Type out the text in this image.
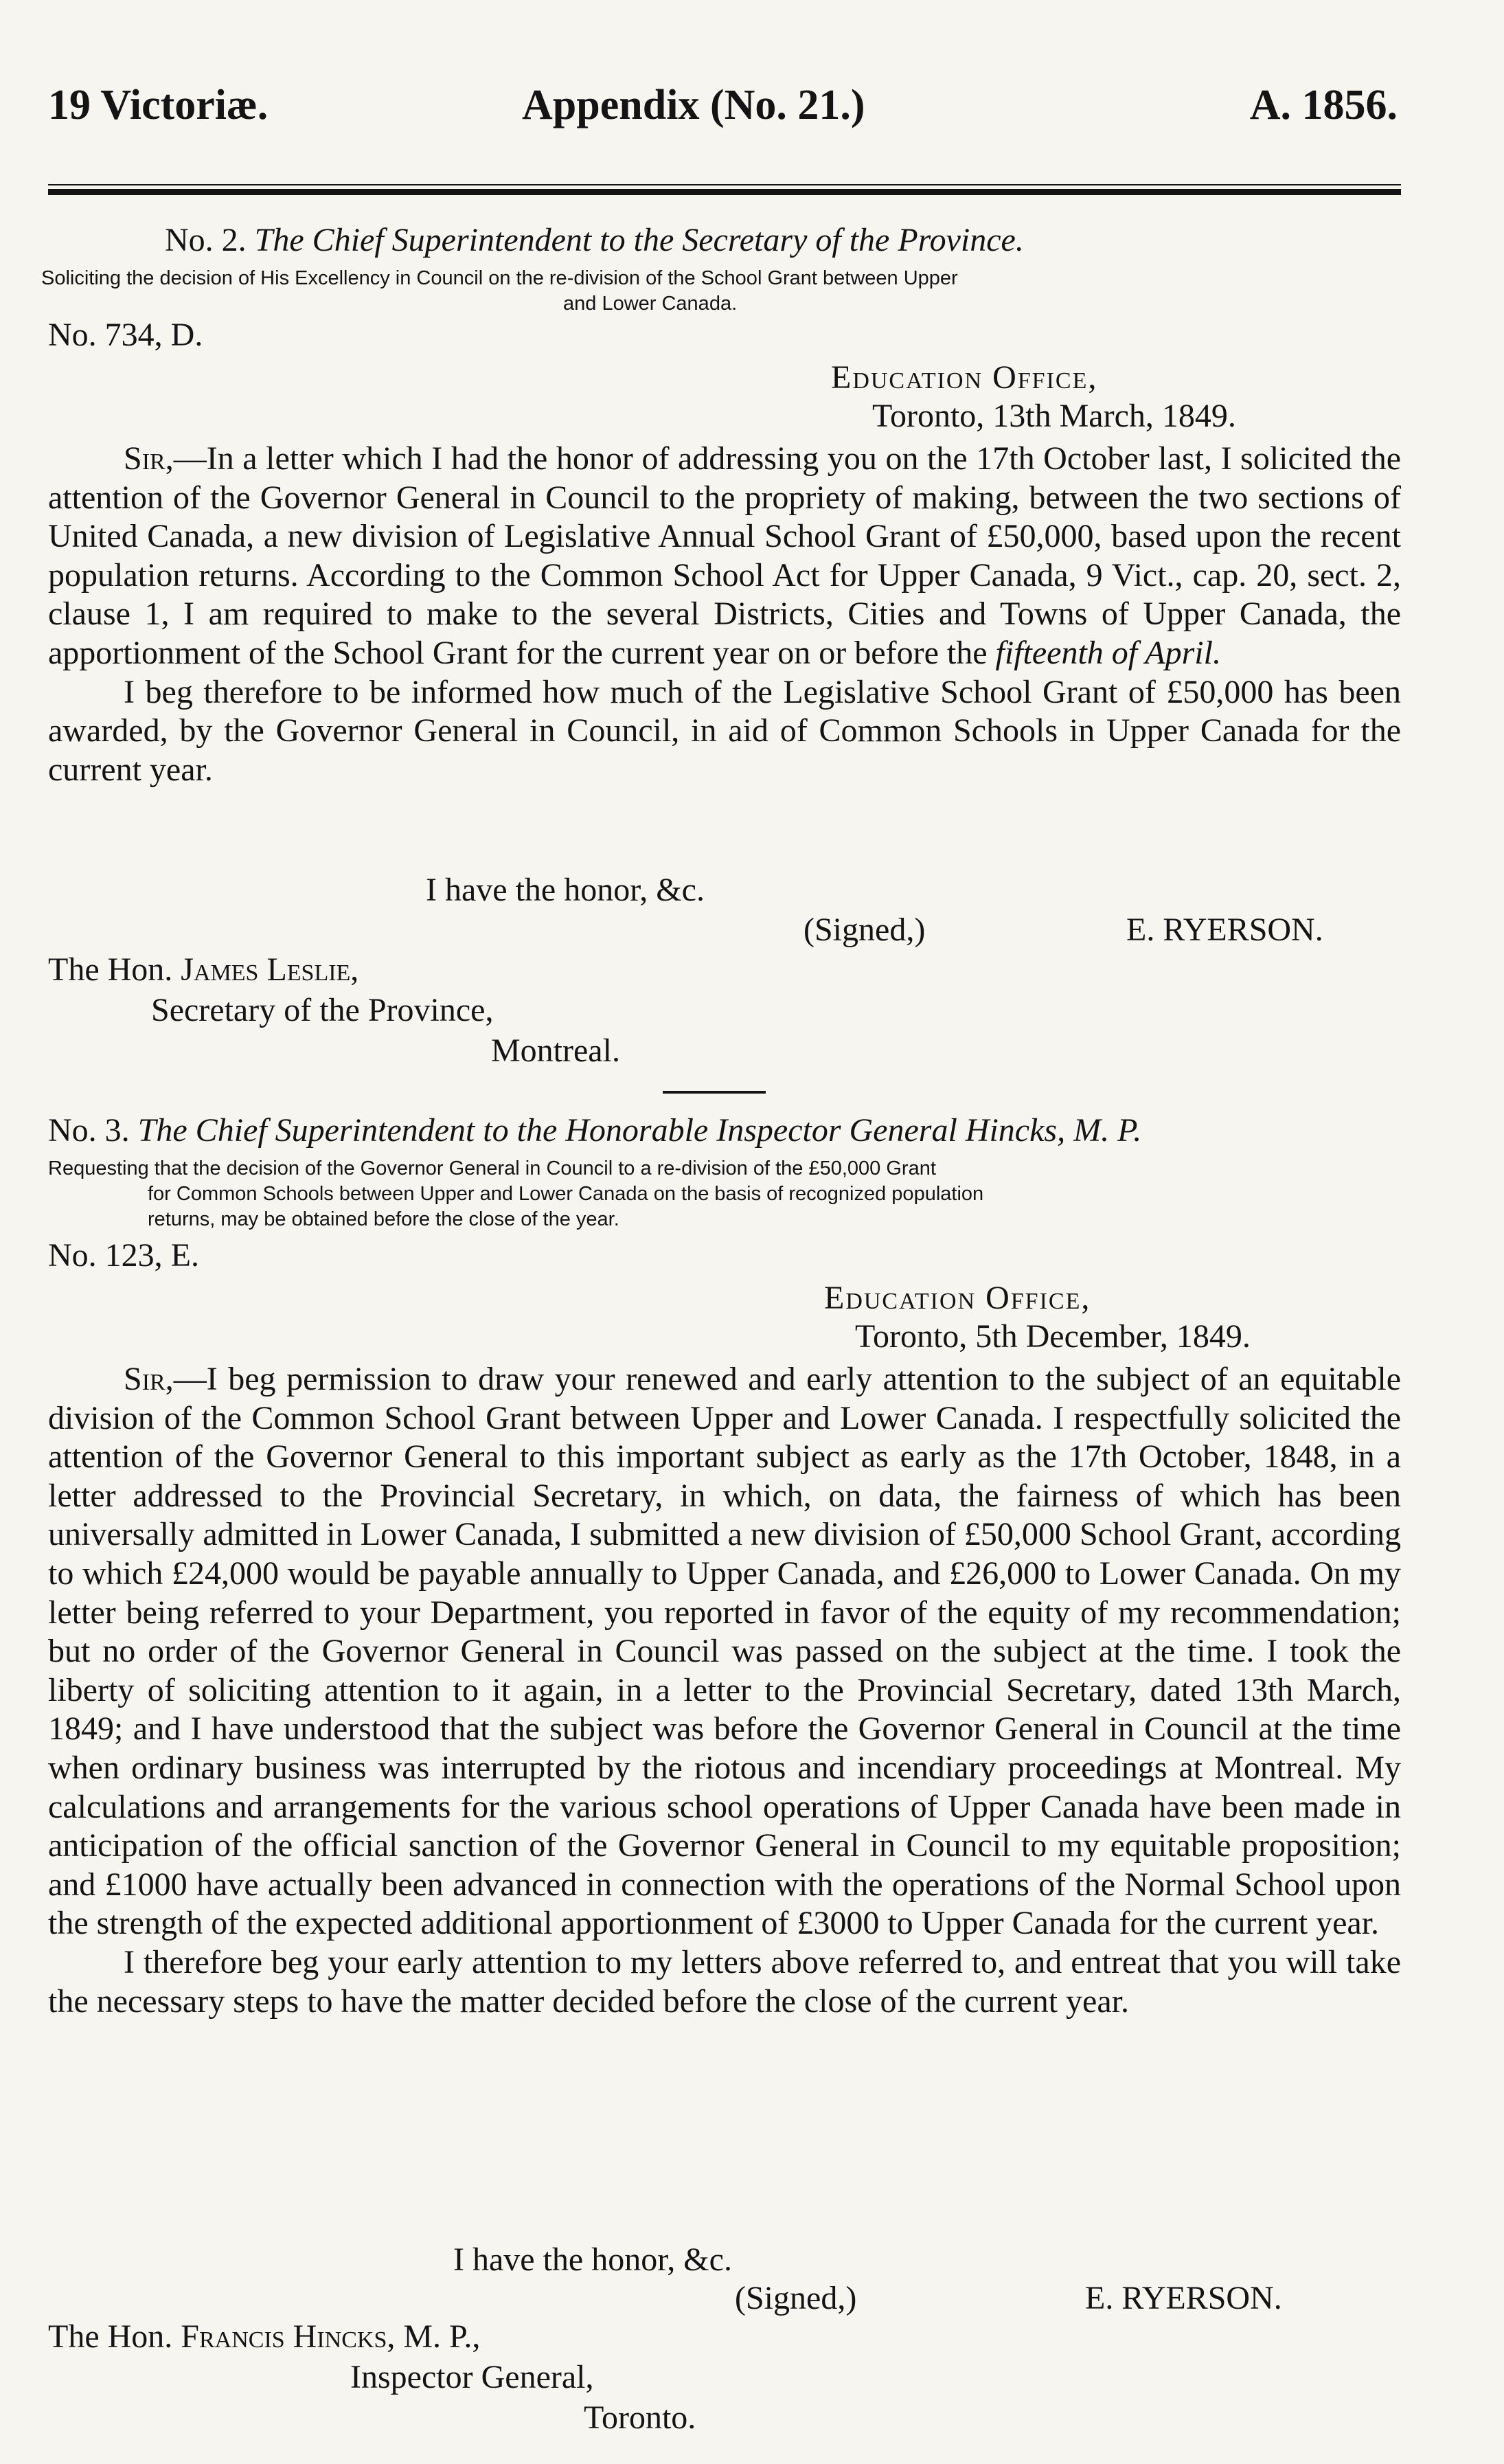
19 Victoriæ.	Appendix (No. 21.)	A. 1856.
No. 2. The Chief Superintendent to the Secretary of the Province.
Soliciting the decision of His Excellency in Council on the re-division of the School Grant between Upper
and Lower Canada.
No. 734, D.
Education Office,
Toronto, 13th March, 1849.

Sir,—In a letter which I had the honor of addressing you on the 17th October last, I solicited the attention of the Governor General in Council to the propriety of making, between the two sections of United Canada, a new division of Legislative Annual School Grant of £50,000, based upon the recent population returns. According to the Common School Act for Upper Canada, 9 Vict., cap. 20, sect. 2, clause 1, I am required to make to the several Districts, Cities and Towns of Upper Canada, the apportionment of the School Grant for the current year on or before the fifteenth of April.

I beg therefore to be informed how much of the Legislative School Grant of £50,000 has been awarded, by the Governor General in Council, in aid of Common Schools in Upper Canada for the current year.

I have the honor, &c.
(Signed,)	E. RYERSON.
The Hon. James Leslie,
Secretary of the Province,
Montreal.
No. 3. The Chief Superintendent to the Honorable Inspector General Hincks, M. P.
Requesting that the decision of the Governor General in Council to a re-division of the £50,000 Grant
for Common Schools between Upper and Lower Canada on the basis of recognized population
returns, may be obtained before the close of the year.
No. 123, E.
Education Office,
Toronto, 5th December, 1849.

Sir,—I beg permission to draw your renewed and early attention to the subject of an equitable division of the Common School Grant between Upper and Lower Canada. I respectfully solicited the attention of the Governor General to this important subject as early as the 17th October, 1848, in a letter addressed to the Provincial Secretary, in which, on data, the fairness of which has been universally admitted in Lower Canada, I submitted a new division of £50,000 School Grant, according to which £24,000 would be payable annually to Upper Canada, and £26,000 to Lower Canada. On my letter being referred to your Department, you reported in favor of the equity of my recommendation; but no order of the Governor General in Council was passed on the subject at the time. I took the liberty of soliciting attention to it again, in a letter to the Provincial Secretary, dated 13th March, 1849; and I have understood that the subject was before the Governor General in Council at the time when ordinary business was interrupted by the riotous and incendiary proceedings at Montreal. My calculations and arrangements for the various school operations of Upper Canada have been made in anticipation of the official sanction of the Governor General in Council to my equitable proposition; and £1000 have actually been advanced in connection with the operations of the Normal School upon the strength of the expected additional apportionment of £3000 to Upper Canada for the current year.

I therefore beg your early attention to my letters above referred to, and entreat that you will take the necessary steps to have the matter decided before the close of the current year.

I have the honor, &c.
(Signed,)	E. RYERSON.
The Hon. Francis Hincks, M. P.,
Inspector General,
Toronto.
